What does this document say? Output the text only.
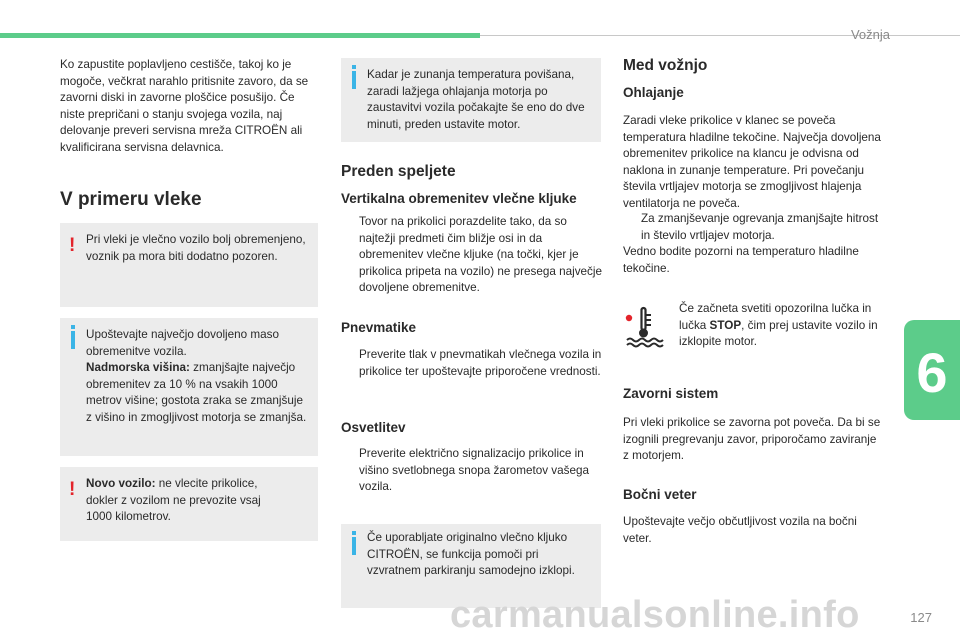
Vožnja
6
Ko zapustite poplavljeno cestišče, takoj ko je mogoče, večkrat narahlo pritisnite zavoro, da se zavorni diski in zavorne ploščice posušijo. Če niste prepričani o stanju svojega vozila, naj delovanje preveri servisna mreža CITROËN ali kvalificirana servisna delavnica.
V primeru vleke
! Pri vleki je vlečno vozilo bolj obremenjeno, voznik pa mora biti dodatno pozoren.
Upoštevajte največjo dovoljeno maso obremenitve vozila.
Nadmorska višina: zmanjšajte največjo obremenitev za 10 % na vsakih 1000 metrov višine; gostota zraka se zmanjšuje z višino in zmogljivost motorja se zmanjša.
! Novo vozilo: ne vlecite prikolice, dokler z vozilom ne prevozite vsaj 1000 kilometrov.
Kadar je zunanja temperatura povišana, zaradi lažjega ohlajanja motorja po zaustavitvi vozila počakajte še eno do dve minuti, preden ustavite motor.
Preden speljete
Vertikalna obremenitev vlečne kljuke
Tovor na prikolici porazdelite tako, da so najtežji predmeti čim bližje osi in da obremenitev vlečne kljuke (na točki, kjer je prikolica pripeta na vozilo) ne presega največje dovoljene obremenitve.
Pnevmatike
Preverite tlak v pnevmatikah vlečnega vozila in prikolice ter upoštevajte priporočene vrednosti.
Osvetlitev
Preverite električno signalizacijo prikolice in višino svetlobnega snopa žarometov vašega vozila.
Če uporabljate originalno vlečno kljuko CITROËN, se funkcija pomoči pri vzvratnem parkiranju samodejno izklopi.
Med vožnjo
Ohlajanje
Zaradi vleke prikolice v klanec se poveča temperatura hladilne tekočine. Največja dovoljena obremenitev prikolice na klancu je odvisna od naklona in zunanje temperature. Pri povečanju števila vrtljajev motorja se zmogljivost hlajenja ventilatorja ne poveča.
Za zmanjševanje ogrevanja zmanjšajte hitrost in število vrtljajev motorja.
Vedno bodite pozorni na temperaturo hladilne tekočine.
Če začneta svetiti opozorilna lučka in lučka STOP, čim prej ustavite vozilo in izklopite motor.
Zavorni sistem
Pri vleki prikolice se zavorna pot poveča. Da bi se izognili pregrevanju zavor, priporočamo zaviranje z motorjem.
Bočni veter
Upoštevajte večjo občutljivost vozila na bočni veter.
carmanualsonline.info	127
